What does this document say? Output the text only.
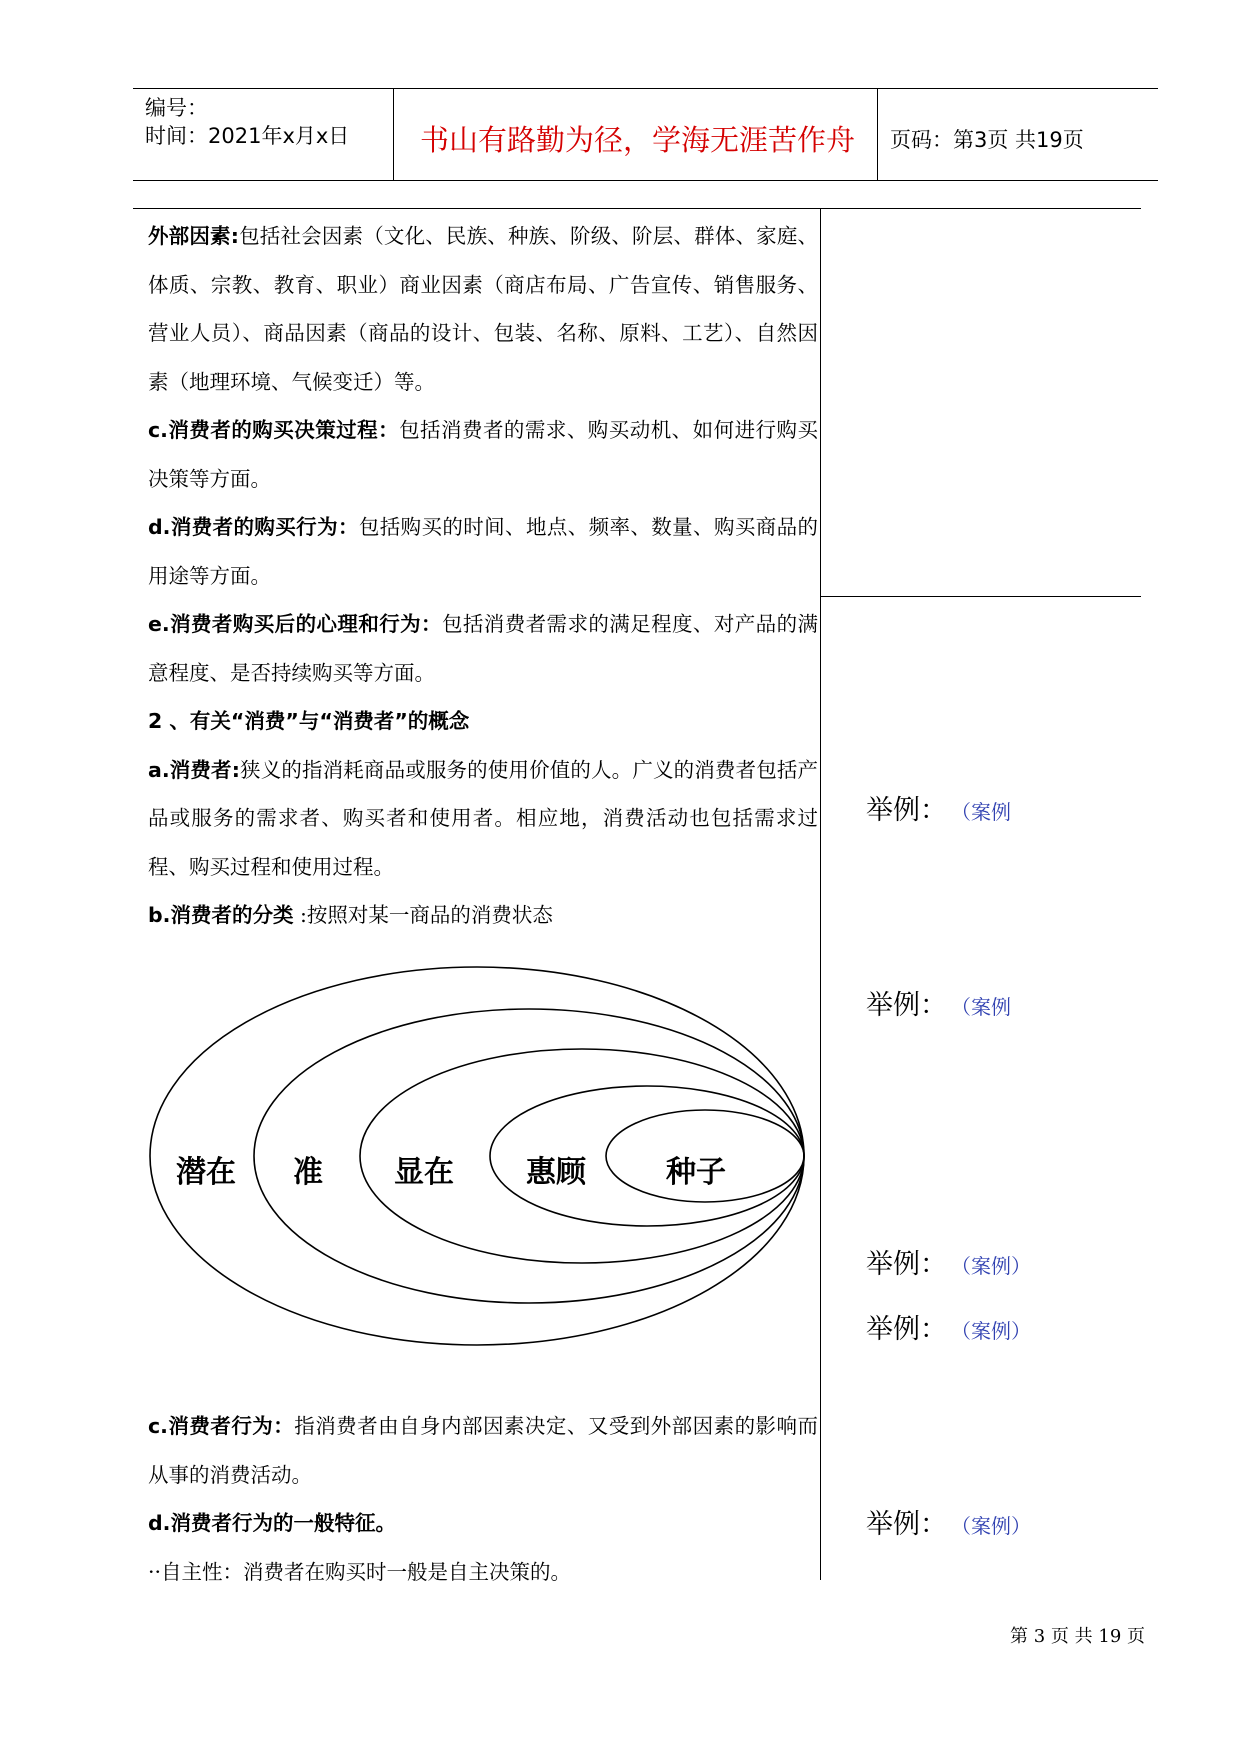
编号：
时间：2021年x月x日	书山有路勤为径，学海无涯苦作舟	页码：第3页 共19页

外部因素:包括社会因素（文化、民族、种族、阶级、阶层、群体、家庭、体质、宗教、教育、职业）商业因素（商店布局、广告宣传、销售服务、营业人员）、商品因素（商品的设计、包装、名称、原料、工艺）、自然因素（地理环境、气候变迁）等。

c.消费者的购买决策过程：包括消费者的需求、购买动机、如何进行购买决策等方面。

d.消费者的购买行为：包括购买的时间、地点、频率、数量、购买商品的用途等方面。

e.消费者购买后的心理和行为：包括消费者需求的满足程度、对产品的满意程度、是否持续购买等方面。

2 、有关“消费”与“消费者”的概念

a.消费者:狭义的指消耗商品或服务的使用价值的人。广义的消费者包括产品或服务的需求者、购买者和使用者。相应地，消费活动也包括需求过程、购买过程和使用过程。

b.消费者的分类 :按照对某一商品的消费状态

潜在 准 显在 惠顾	种子

c.消费者行为：指消费者由自身内部因素决定、又受到外部因素的影响而从事的消费活动。

d.消费者行为的一般特征。

··自主性：消费者在购买时一般是自主决策的。

举例： （案例
举例： （案例
举例： （案例）
举例： （案例）
举例： （案例）
第 3 页 共 19 页
